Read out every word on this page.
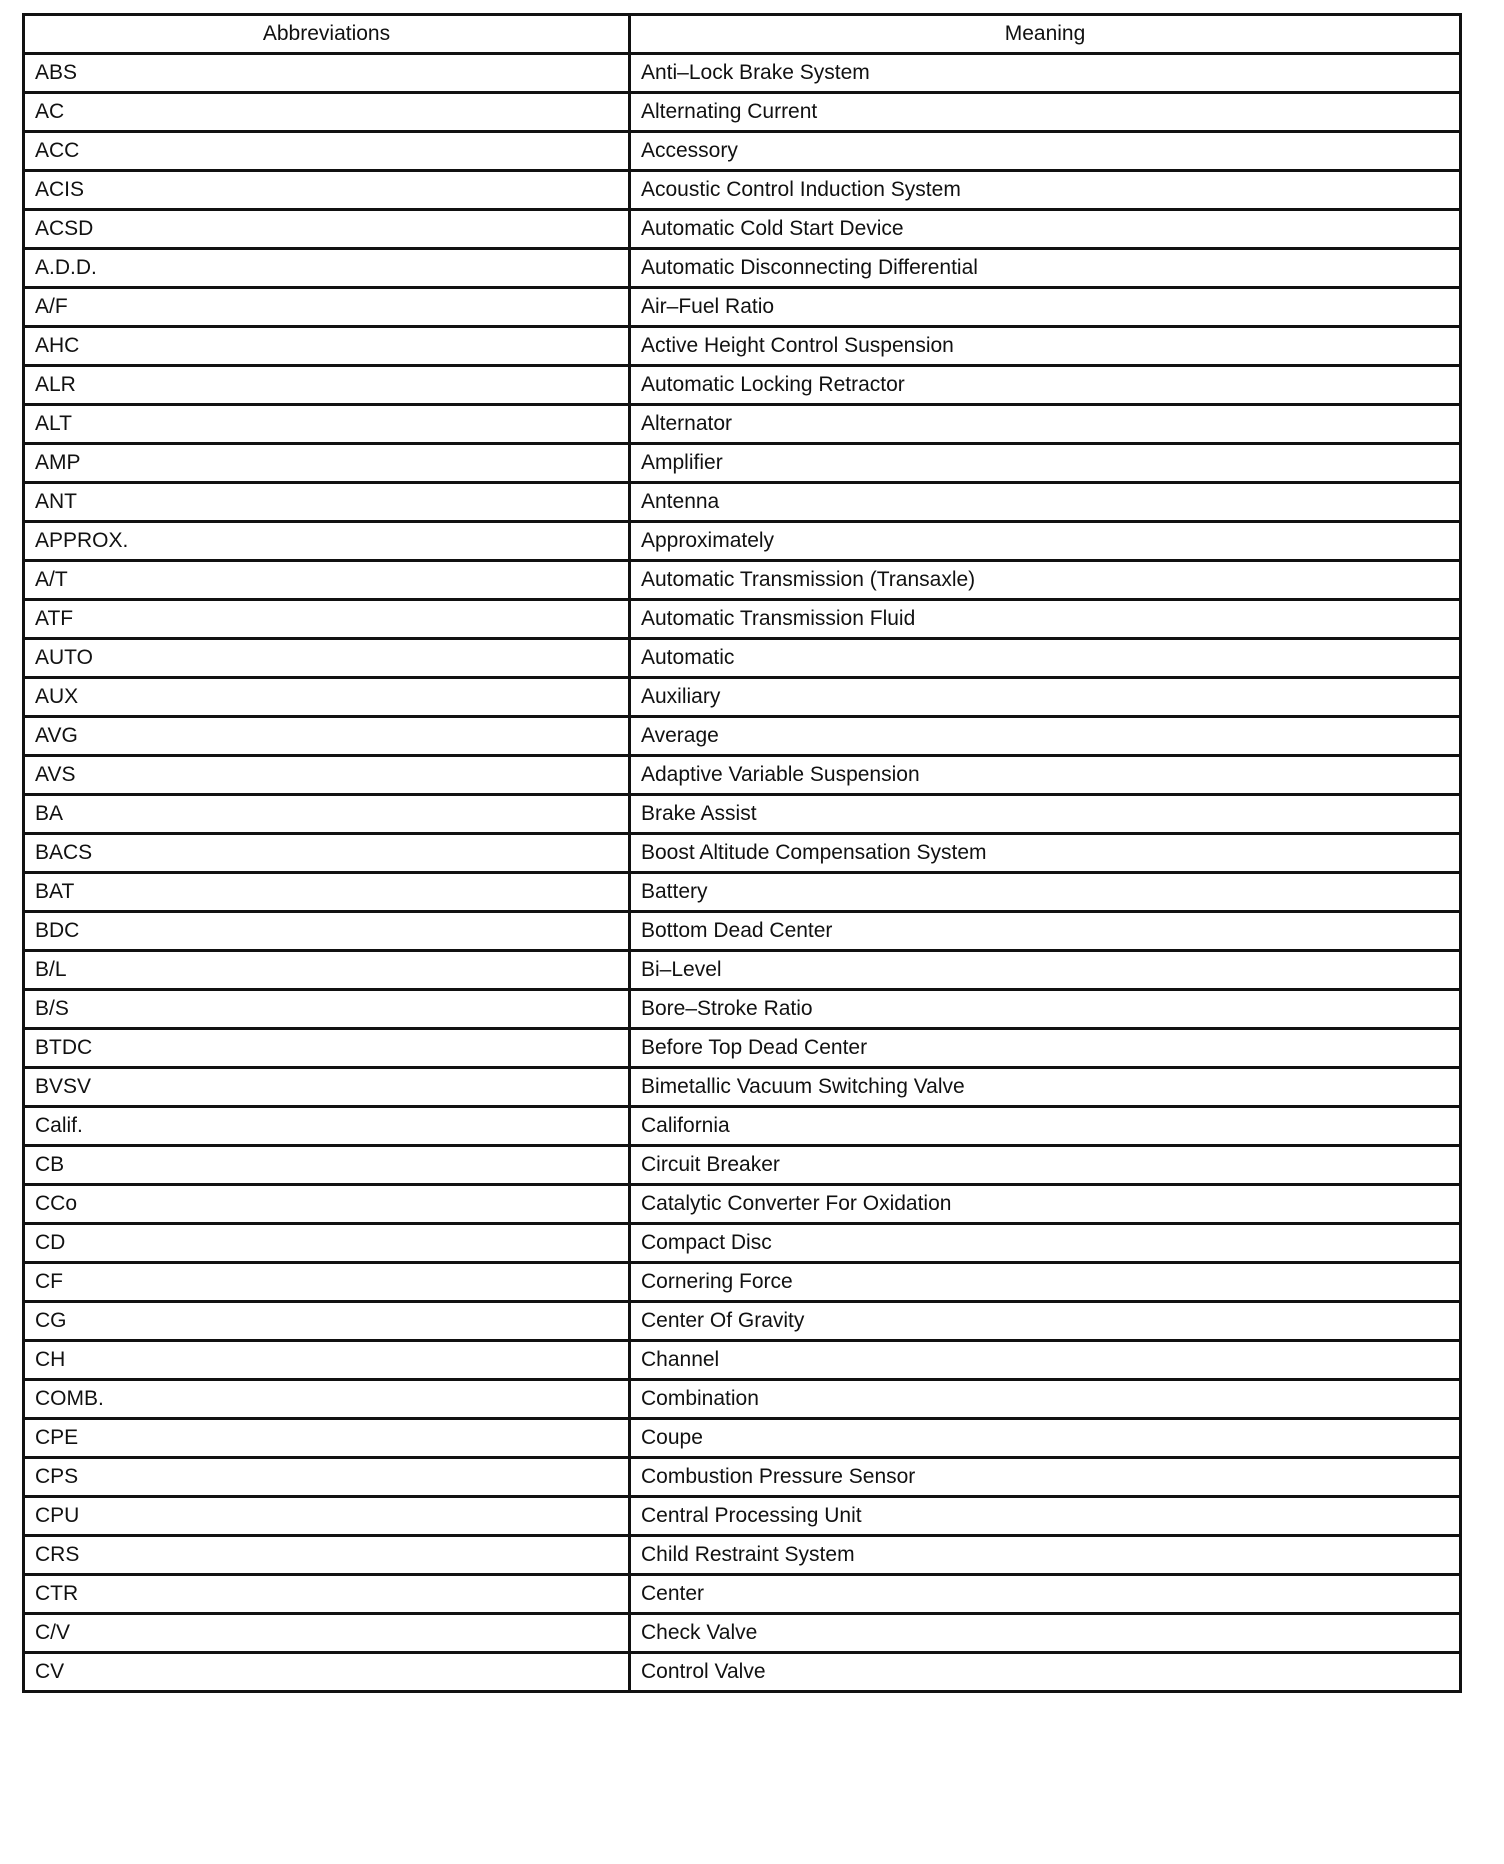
Abbreviations	Meaning
ABS	Anti–Lock Brake System
AC	Alternating Current
ACC	Accessory
ACIS	Acoustic Control Induction System
ACSD	Automatic Cold Start Device
A.D.D.	Automatic Disconnecting Differential
A/F	Air–Fuel Ratio
AHC	Active Height Control Suspension
ALR	Automatic Locking Retractor
ALT	Alternator
AMP	Amplifier
ANT	Antenna
APPROX.	Approximately
A/T	Automatic Transmission (Transaxle)
ATF	Automatic Transmission Fluid
AUTO	Automatic
AUX	Auxiliary
AVG	Average
AVS	Adaptive Variable Suspension
BA	Brake Assist
BACS	Boost Altitude Compensation System
BAT	Battery
BDC	Bottom Dead Center
B/L	Bi–Level
B/S	Bore–Stroke Ratio
BTDC	Before Top Dead Center
BVSV	Bimetallic Vacuum Switching Valve
Calif.	California
CB	Circuit Breaker
CCo	Catalytic Converter For Oxidation
CD	Compact Disc
CF	Cornering Force
CG	Center Of Gravity
CH	Channel
COMB.	Combination
CPE	Coupe
CPS	Combustion Pressure Sensor
CPU	Central Processing Unit
CRS	Child Restraint System
CTR	Center
C/V	Check Valve
CV	Control Valve
